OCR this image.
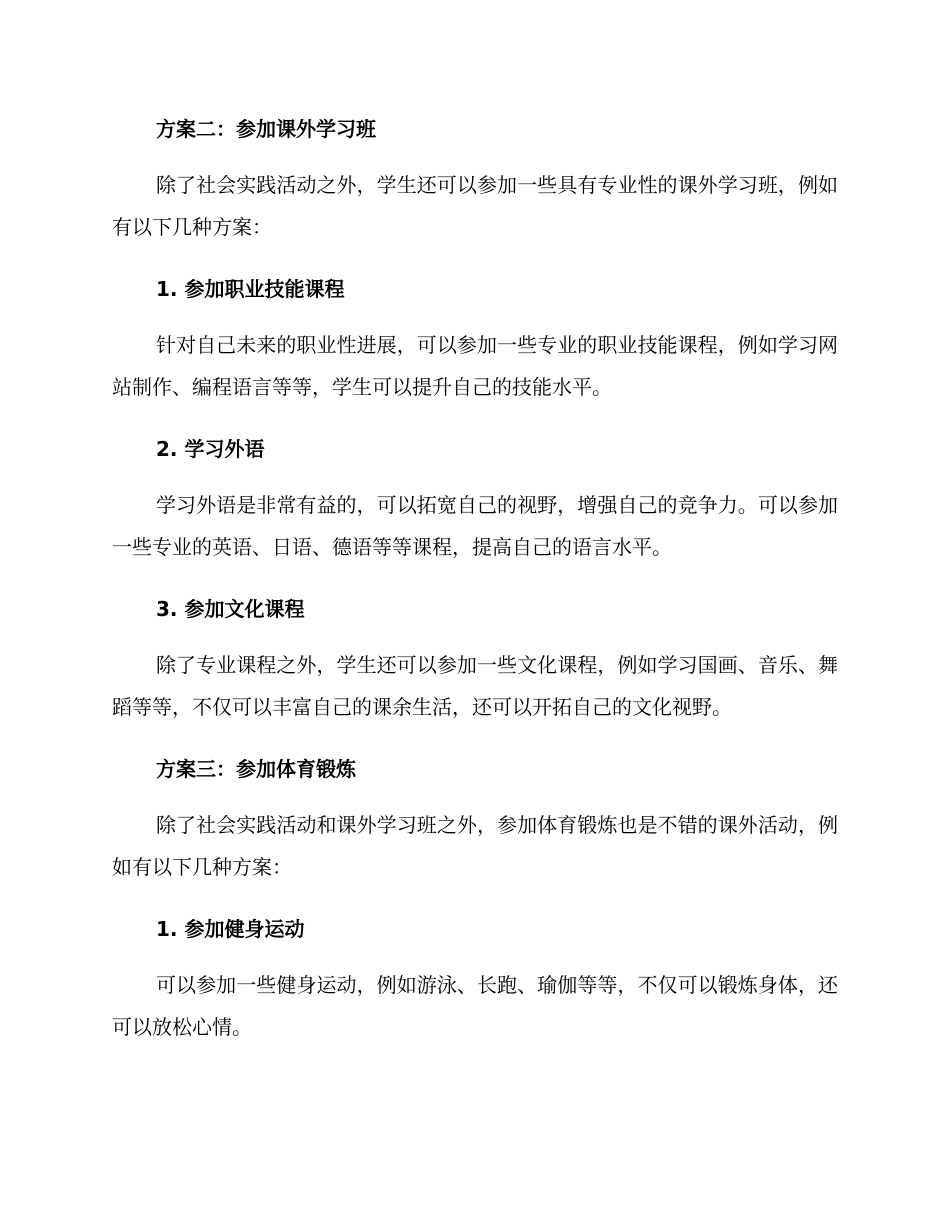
方案二：参加课外学习班
除了社会实践活动之外，学生还可以参加一些具有专业性的课外学习班，例如有以下几种方案：
1. 参加职业技能课程
针对自己未来的职业性进展，可以参加一些专业的职业技能课程，例如学习网站制作、编程语言等等，学生可以提升自己的技能水平。
2. 学习外语
学习外语是非常有益的，可以拓宽自己的视野，增强自己的竞争力。可以参加一些专业的英语、日语、德语等等课程，提高自己的语言水平。
3. 参加文化课程
除了专业课程之外，学生还可以参加一些文化课程，例如学习国画、音乐、舞蹈等等，不仅可以丰富自己的课余生活，还可以开拓自己的文化视野。
方案三：参加体育锻炼
除了社会实践活动和课外学习班之外，参加体育锻炼也是不错的课外活动，例如有以下几种方案：
1. 参加健身运动
可以参加一些健身运动，例如游泳、长跑、瑜伽等等，不仅可以锻炼身体，还可以放松心情。
